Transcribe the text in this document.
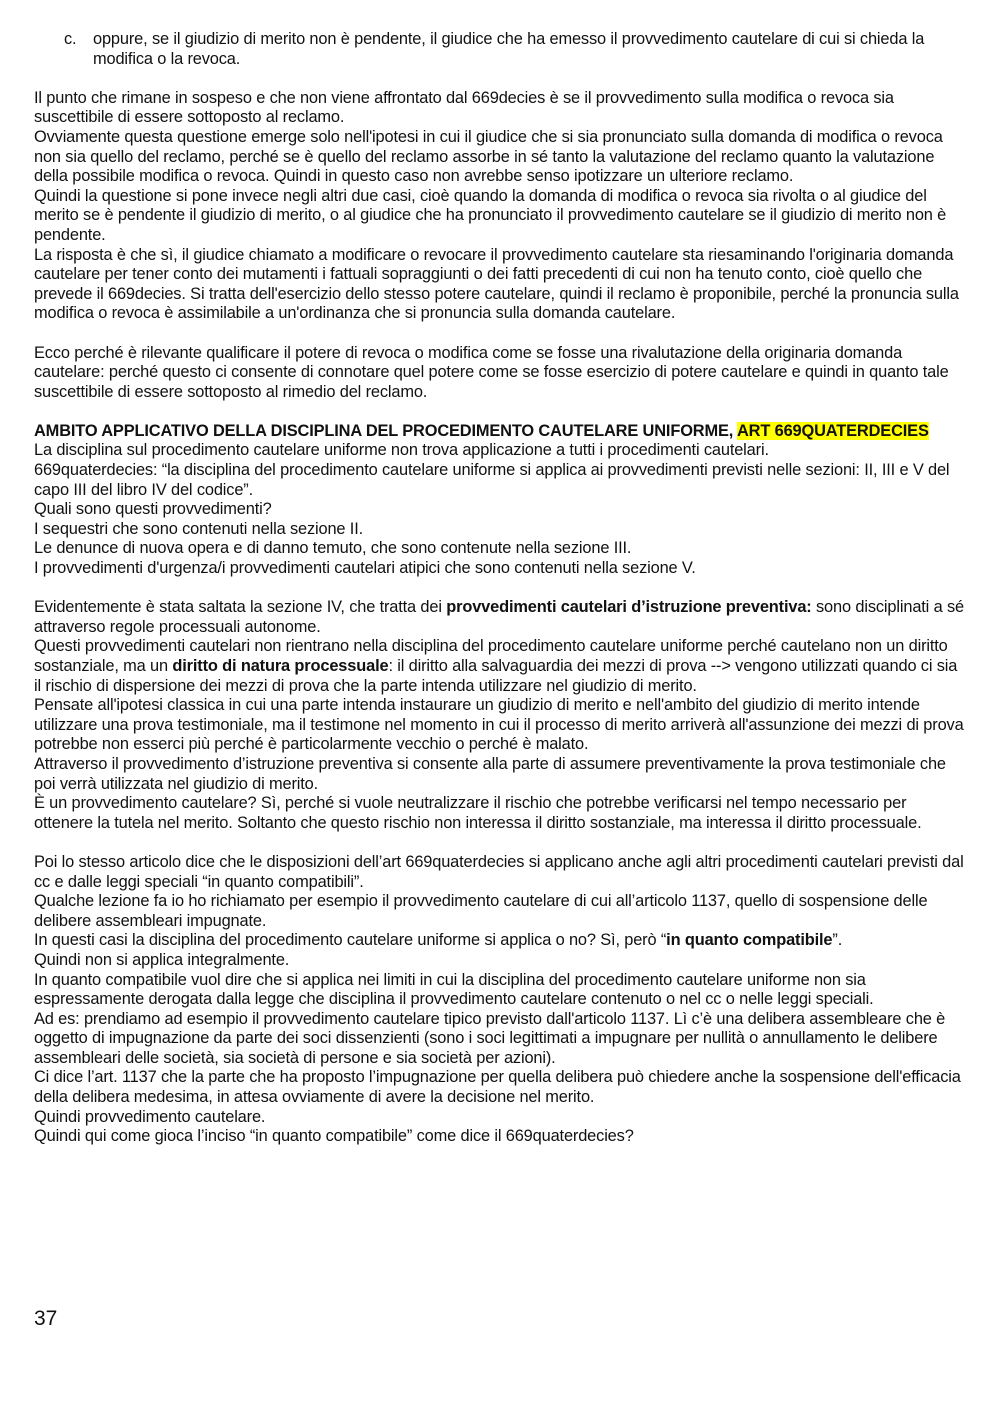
c. oppure, se il giudizio di merito non è pendente, il giudice che ha emesso il provvedimento cautelare di cui si chieda la modifica o la revoca.

Il punto che rimane in sospeso e che non viene affrontato dal 669decies è se il provvedimento sulla modifica o revoca sia suscettibile di essere sottoposto al reclamo.

Ovviamente questa questione emerge solo nell'ipotesi in cui il giudice che si sia pronunciato sulla domanda di modifica o revoca non sia quello del reclamo, perché se è quello del reclamo assorbe in sé tanto la valutazione del reclamo quanto la valutazione della possibile modifica o revoca. Quindi in questo caso non avrebbe senso ipotizzare un ulteriore reclamo.

Quindi la questione si pone invece negli altri due casi, cioè quando la domanda di modifica o revoca sia rivolta o al giudice del merito se è pendente il giudizio di merito, o al giudice che ha pronunciato il provvedimento cautelare se il giudizio di merito non è pendente.

La risposta è che sì, il giudice chiamato a modificare o revocare il provvedimento cautelare sta riesaminando l'originaria domanda cautelare per tener conto dei mutamenti i fattuali sopraggiunti o dei fatti precedenti di cui non ha tenuto conto, cioè quello che prevede il 669decies. Si tratta dell'esercizio dello stesso potere cautelare, quindi il reclamo è proponibile, perché la pronuncia sulla modifica o revoca è assimilabile a un'ordinanza che si pronuncia sulla domanda cautelare.

Ecco perché è rilevante qualificare il potere di revoca o modifica come se fosse una rivalutazione della originaria domanda cautelare: perché questo ci consente di connotare quel potere come se fosse esercizio di potere cautelare e quindi in quanto tale suscettibile di essere sottoposto al rimedio del reclamo.

AMBITO APPLICATIVO DELLA DISCIPLINA DEL PROCEDIMENTO CAUTELARE UNIFORME, ART 669QUATERDECIES

La disciplina sul procedimento cautelare uniforme non trova applicazione a tutti i procedimenti cautelari.

669quaterdecies: “la disciplina del procedimento cautelare uniforme si applica ai provvedimenti previsti nelle sezioni: II, III e V del capo III del libro IV del codice”.

Quali sono questi provvedimenti?

I sequestri che sono contenuti nella sezione II.

Le denunce di nuova opera e di danno temuto, che sono contenute nella sezione III.

I provvedimenti d'urgenza/i provvedimenti cautelari atipici che sono contenuti nella sezione V.

Evidentemente è stata saltata la sezione IV, che tratta dei provvedimenti cautelari d’istruzione preventiva: sono disciplinati a sé attraverso regole processuali autonome.

Questi provvedimenti cautelari non rientrano nella disciplina del procedimento cautelare uniforme perché cautelano non un diritto sostanziale, ma un diritto di natura processuale: il diritto alla salvaguardia dei mezzi di prova --> vengono utilizzati quando ci sia il rischio di dispersione dei mezzi di prova che la parte intenda utilizzare nel giudizio di merito.

Pensate all'ipotesi classica in cui una parte intenda instaurare un giudizio di merito e nell'ambito del giudizio di merito intende utilizzare una prova testimoniale, ma il testimone nel momento in cui il processo di merito arriverà all'assunzione dei mezzi di prova potrebbe non esserci più perché è particolarmente vecchio o perché è malato.

Attraverso il provvedimento d’istruzione preventiva si consente alla parte di assumere preventivamente la prova testimoniale che poi verrà utilizzata nel giudizio di merito.

È un provvedimento cautelare? Sì, perché si vuole neutralizzare il rischio che potrebbe verificarsi nel tempo necessario per ottenere la tutela nel merito. Soltanto che questo rischio non interessa il diritto sostanziale, ma interessa il diritto processuale.

Poi lo stesso articolo dice che le disposizioni dell’art 669quaterdecies si applicano anche agli altri procedimenti cautelari previsti dal cc e dalle leggi speciali “in quanto compatibili”.

Qualche lezione fa io ho richiamato per esempio il provvedimento cautelare di cui all’articolo 1137, quello di sospensione delle delibere assembleari impugnate.

In questi casi la disciplina del procedimento cautelare uniforme si applica o no? Sì, però “in quanto compatibile”.

Quindi non si applica integralmente.

In quanto compatibile vuol dire che si applica nei limiti in cui la disciplina del procedimento cautelare uniforme non sia espressamente derogata dalla legge che disciplina il provvedimento cautelare contenuto o nel cc o nelle leggi speciali.

Ad es: prendiamo ad esempio il provvedimento cautelare tipico previsto dall'articolo 1137. Lì c’è una delibera assembleare che è oggetto di impugnazione da parte dei soci dissenzienti (sono i soci legittimati a impugnare per nullità o annullamento le delibere assembleari delle società, sia società di persone e sia società per azioni).

Ci dice l’art. 1137 che la parte che ha proposto l’impugnazione per quella delibera può chiedere anche la sospensione dell'efficacia della delibera medesima, in attesa ovviamente di avere la decisione nel merito.

Quindi provvedimento cautelare.

Quindi qui come gioca l’inciso “in quanto compatibile” come dice il 669quaterdecies?

37
